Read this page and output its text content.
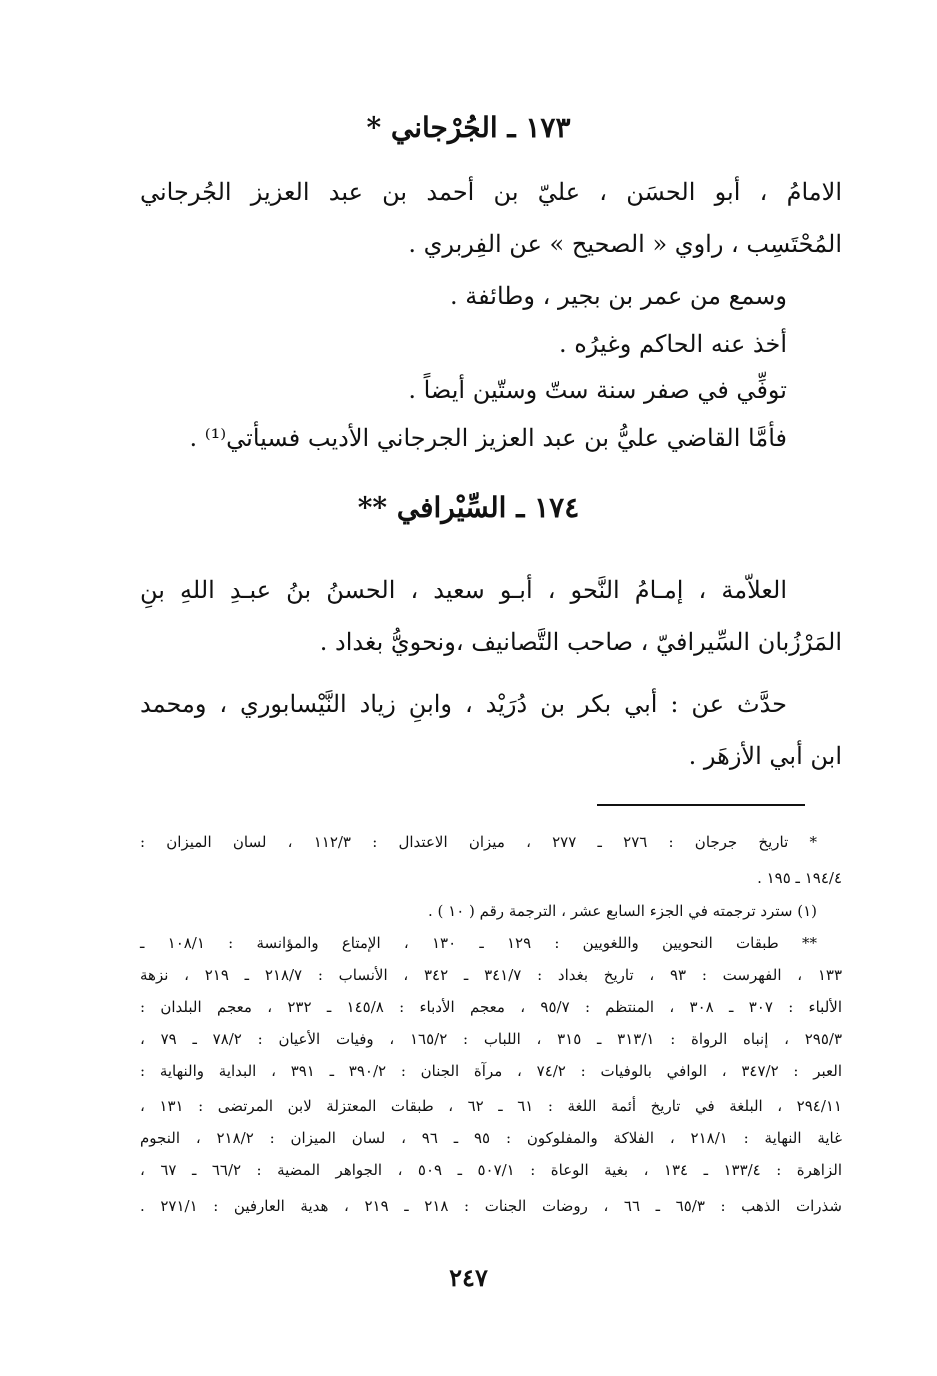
١٧٣ ـ الجُرْجاني *
الامامُ ، أبو الحسَن ، عليّ بن أحمد بن عبد العزيز الجُرجاني
المُحْتَسِب ، راوي « الصحيح » عن الفِربري .
وسمع من عمر بن بجير ، وطائفة .
أخذ عنه الحاكم وغيرُه .
توفِّي في صفر سنة ستّ وستّين أيضاً .
فأمَّا القاضي عليُّ بن عبد العزيز الجرجاني الأديب فسيأتي⁽¹⁾ .
١٧٤ ـ السِّيْرافي **
العلاّمة ، إمـامُ النَّحو ، أبـو سعيد ، الحسنُ بنُ عبـدِ اللهِ بنِ
المَرْزُبان السِّيرافيّ ، صاحب التَّصانيف ،ونحويُّ بغداد .
حدَّث عن : أبي بكر بن دُرَيْد ، وابنِ زياد النَّيْسابوري ، ومحمد
ابن أبي الأزهَر .
* تاريخ جرجان : ٢٧٦ ـ ٢٧٧ ، ميزان الاعتدال : ١١٢/٣ ، لسان الميزان :
١٩٤/٤ ـ ١٩٥ .
(١) سترد ترجمته في الجزء السابع عشر ، الترجمة رقم ( ١٠ ) .
** طبقات النحويين واللغويين : ١٢٩ ـ ١٣٠ ، الإمتاع والمؤانسة : ١٠٨/١ ـ
١٣٣ ، الفهرست : ٩٣ ، تاريخ بغداد : ٣٤١/٧ ـ ٣٤٢ ، الأنساب : ٢١٨/٧ ـ ٢١٩ ، نزهة
الألباء : ٣٠٧ ـ ٣٠٨ ، المنتظم : ٩٥/٧ ، معجم الأدباء : ١٤٥/٨ ـ ٢٣٢ ، معجم البلدان :
٢٩٥/٣ ، إنباه الرواة : ٣١٣/١ ـ ٣١٥ ، اللباب : ١٦٥/٢ ، وفيات الأعيان : ٧٨/٢ ـ ٧٩ ،
العبر : ٣٤٧/٢ ، الوافي بالوفيات : ٧٤/٢ ، مرآة الجنان : ٣٩٠/٢ ـ ٣٩١ ، البداية والنهاية :
٢٩٤/١١ ، البلغة في تاريخ أئمة اللغة : ٦١ ـ ٦٢ ، طبقات المعتزلة لابن المرتضى : ١٣١ ،
غاية النهاية : ٢١٨/١ ، الفلاكة والمفلوكون : ٩٥ ـ ٩٦ ، لسان الميزان : ٢١٨/٢ ، النجوم
الزاهرة : ١٣٣/٤ ـ ١٣٤ ، بغية الوعاة : ٥٠٧/١ ـ ٥٠٩ ، الجواهر المضية : ٦٦/٢ ـ ٦٧ ،
شذرات الذهب : ٦٥/٣ ـ ٦٦ ، روضات الجنات : ٢١٨ ـ ٢١٩ ، هدية العارفين : ٢٧١/١ .
٢٤٧
